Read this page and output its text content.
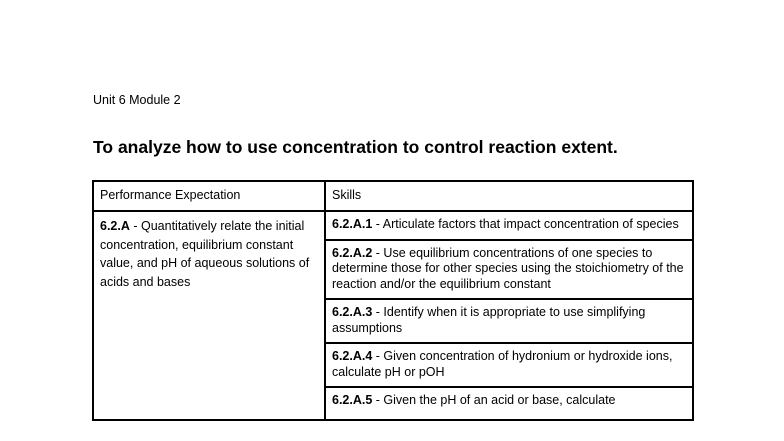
Unit 6 Module 2
To analyze how to use concentration to control reaction extent.
Performance Expectation	Skills
6.2.A - Quantitatively relate the initial concentration, equilibrium constant value, and pH of aqueous solutions of acids and bases	6.2.A.1 - Articulate factors that impact concentration of species
	6.2.A.2 - Use equilibrium concentrations of one species to determine those for other species using the stoichiometry of the reaction and/or the equilibrium constant
	6.2.A.3 - Identify when it is appropriate to use simplifying assumptions
	6.2.A.4 - Given concentration of hydronium or hydroxide ions, calculate pH or pOH
	6.2.A.5 - Given the pH of an acid or base, calculate
